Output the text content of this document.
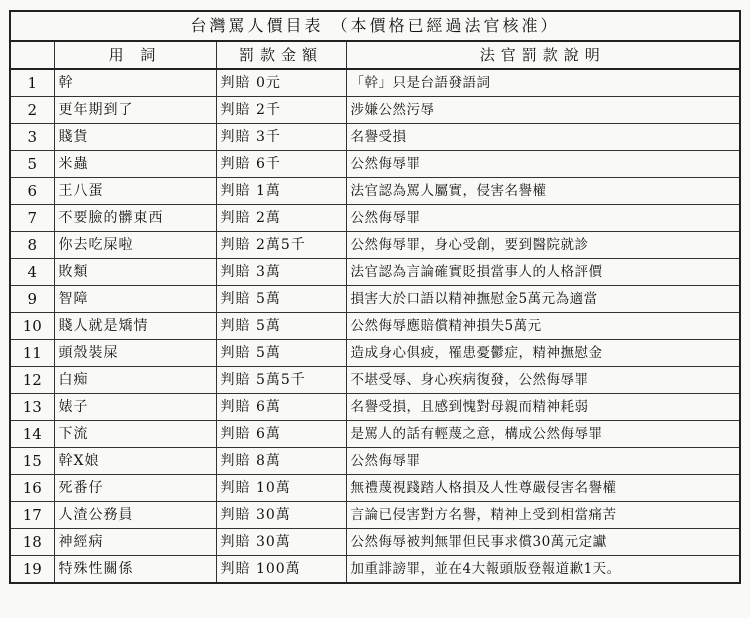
台灣罵人價目表 （本價格已經過法官核准）			
	用 詞	罰款金額	法官罰款說明
1	幹	判賠 0元	「幹」只是台語發語詞
2	更年期到了	判賠 2千	涉嫌公然污辱
3	賤貨	判賠 3千	名譽受損
5	米蟲	判賠 6千	公然侮辱罪
6	王八蛋	判賠 1萬	法官認為罵人屬實，侵害名譽權
7	不要臉的髒東西	判賠 2萬	公然侮辱罪
8	你去吃屎啦	判賠 2萬5千	公然侮辱罪，身心受創，要到醫院就診
4	敗類	判賠 3萬	法官認為言論確實貶損當事人的人格評價
9	智障	判賠 5萬	損害大於口語以精神撫慰金5萬元為適當
10	賤人就是矯情	判賠 5萬	公然侮辱應賠償精神損失5萬元
11	頭殼裝屎	判賠 5萬	造成身心俱疲，罹患憂鬱症，精神撫慰金
12	白痴	判賠 5萬5千	不堪受辱、身心疾病復發，公然侮辱罪
13	婊子	判賠 6萬	名譽受損，且感到愧對母親而精神耗弱
14	下流	判賠 6萬	是罵人的話有輕蔑之意，構成公然侮辱罪
15	幹X娘	判賠 8萬	公然侮辱罪
16	死番仔	判賠 10萬	無禮蔑視踐踏人格損及人性尊嚴侵害名譽權
17	人渣公務員	判賠 30萬	言論已侵害對方名譽，精神上受到相當痛苦
18	神經病	判賠 30萬	公然侮辱被判無罪但民事求償30萬元定讞
19	特殊性關係	判賠 100萬	加重誹謗罪，並在4大報頭版登報道歉1天。
